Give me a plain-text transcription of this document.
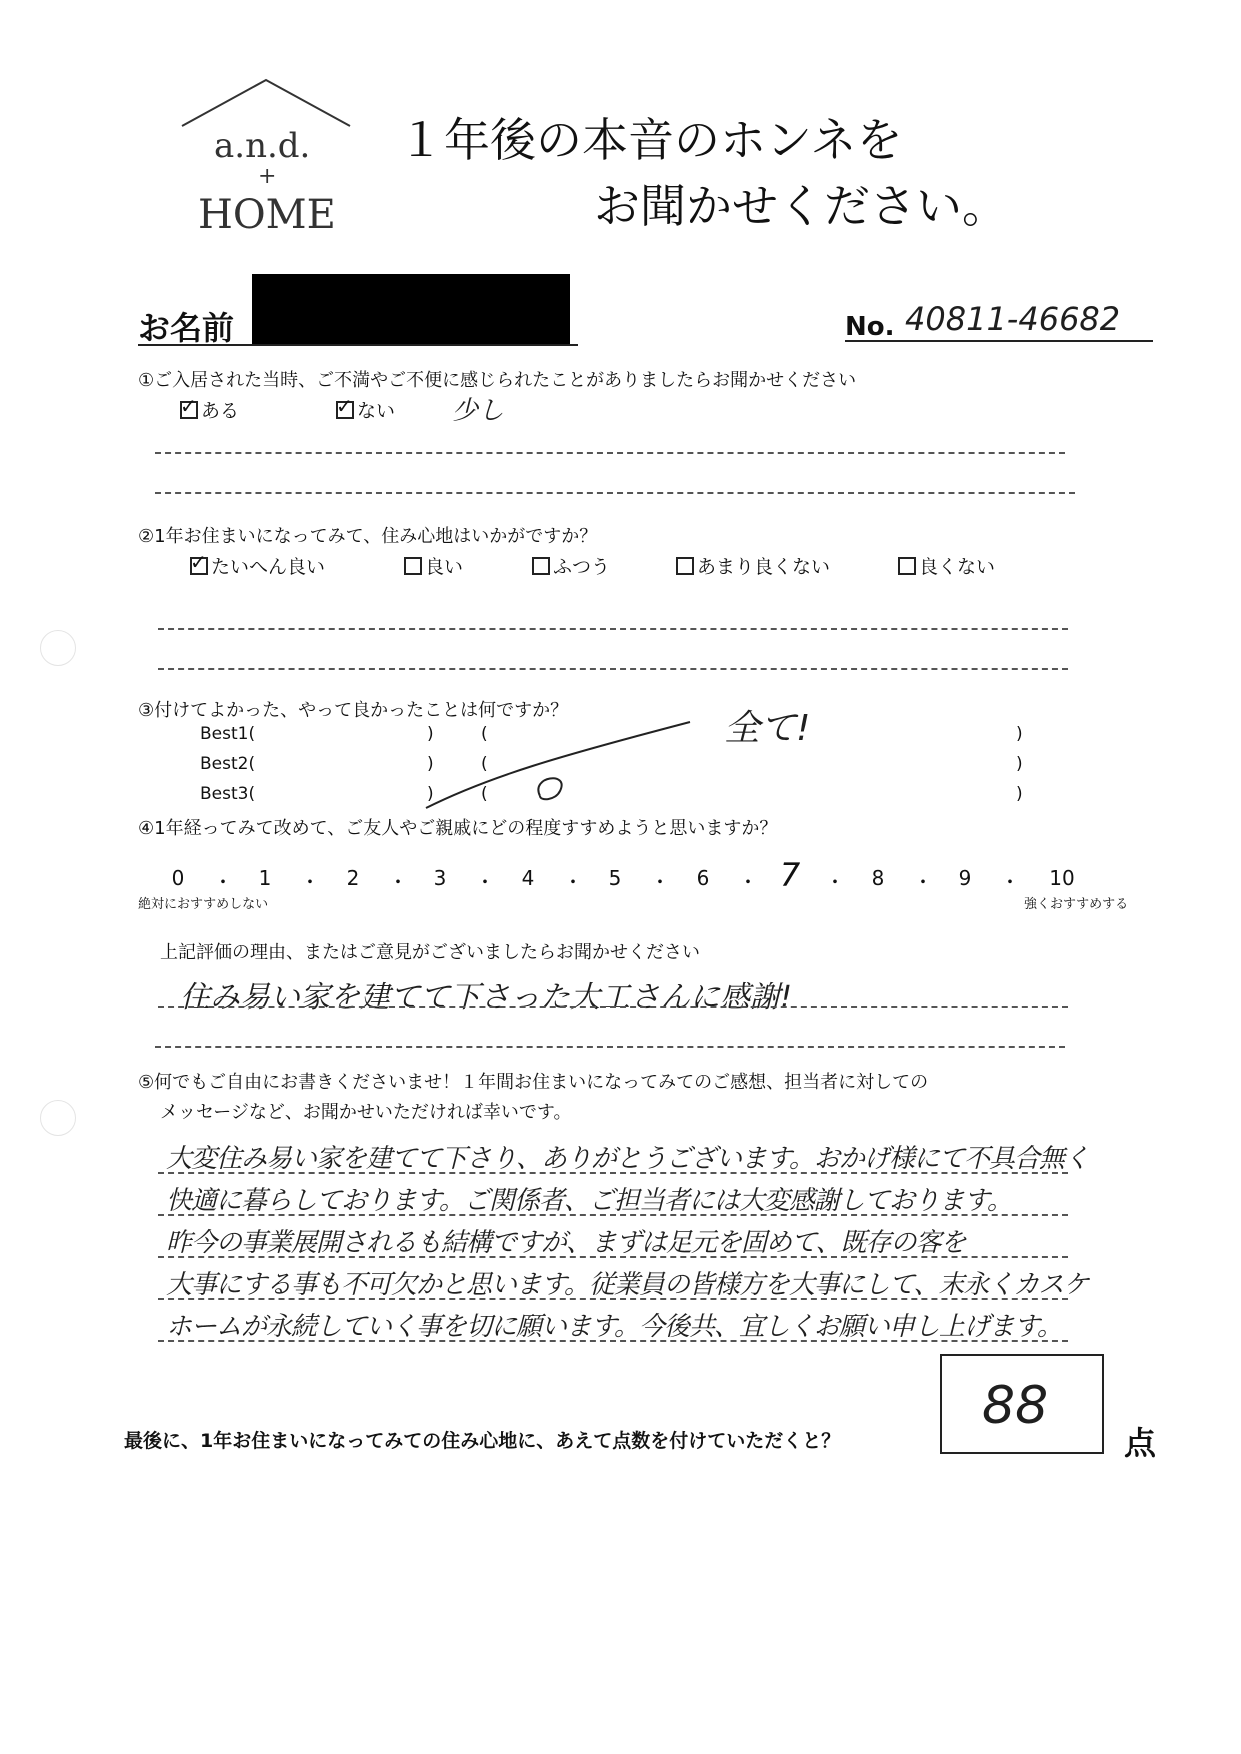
a.n.d.
+
HOME
１年後の本音のホンネを
お聞かせください。
お名前	No. 40811-46682
①ご入居された当時、ご不満やご不便に感じられたことがありましたらお聞かせください
✓ある
✓	ない 少し
②1年お住まいになってみて、住み心地はいかがですか？
✓たいへん良い	良い	ふつう	あまり良くない	良くない
③付けてよかった、やって良かったことは何ですか？
Best1(
Best2(
Best3(
)
)
)
(
(
(
)
)
)
全て!
④1年経ってみて改めて、ご友人やご親戚にどの程度すすめようと思いますか？
0	・	1	・	2	・	3	・	4	・	5	・	6	・ 7 ・	8	・	9	・ 10
絶対におすすめしない	強くおすすめする
上記評価の理由、またはご意見がございましたらお聞かせください
住み易い家を建てて下さった大工さんに感謝!
⑤何でもご自由にお書きくださいませ！１年間お住まいになってみてのご感想、担当者に対しての
メッセージなど、お聞かせいただければ幸いです。
大変住み易い家を建てて下さり、ありがとうございます。おかげ様にて不具合無く
快適に暮らしております。ご関係者、ご担当者には大変感謝しております。
昨今の事業展開されるも結構ですが、まずは足元を固めて、既存の客を
大事にする事も不可欠かと思います。従業員の皆様方を大事にして、末永くカスケ
ホームが永続していく事を切に願います。今後共、宜しくお願い申し上げます。
最後に、1年お住まいになってみての住み心地に、あえて点数を付けていただくと？
88
点
